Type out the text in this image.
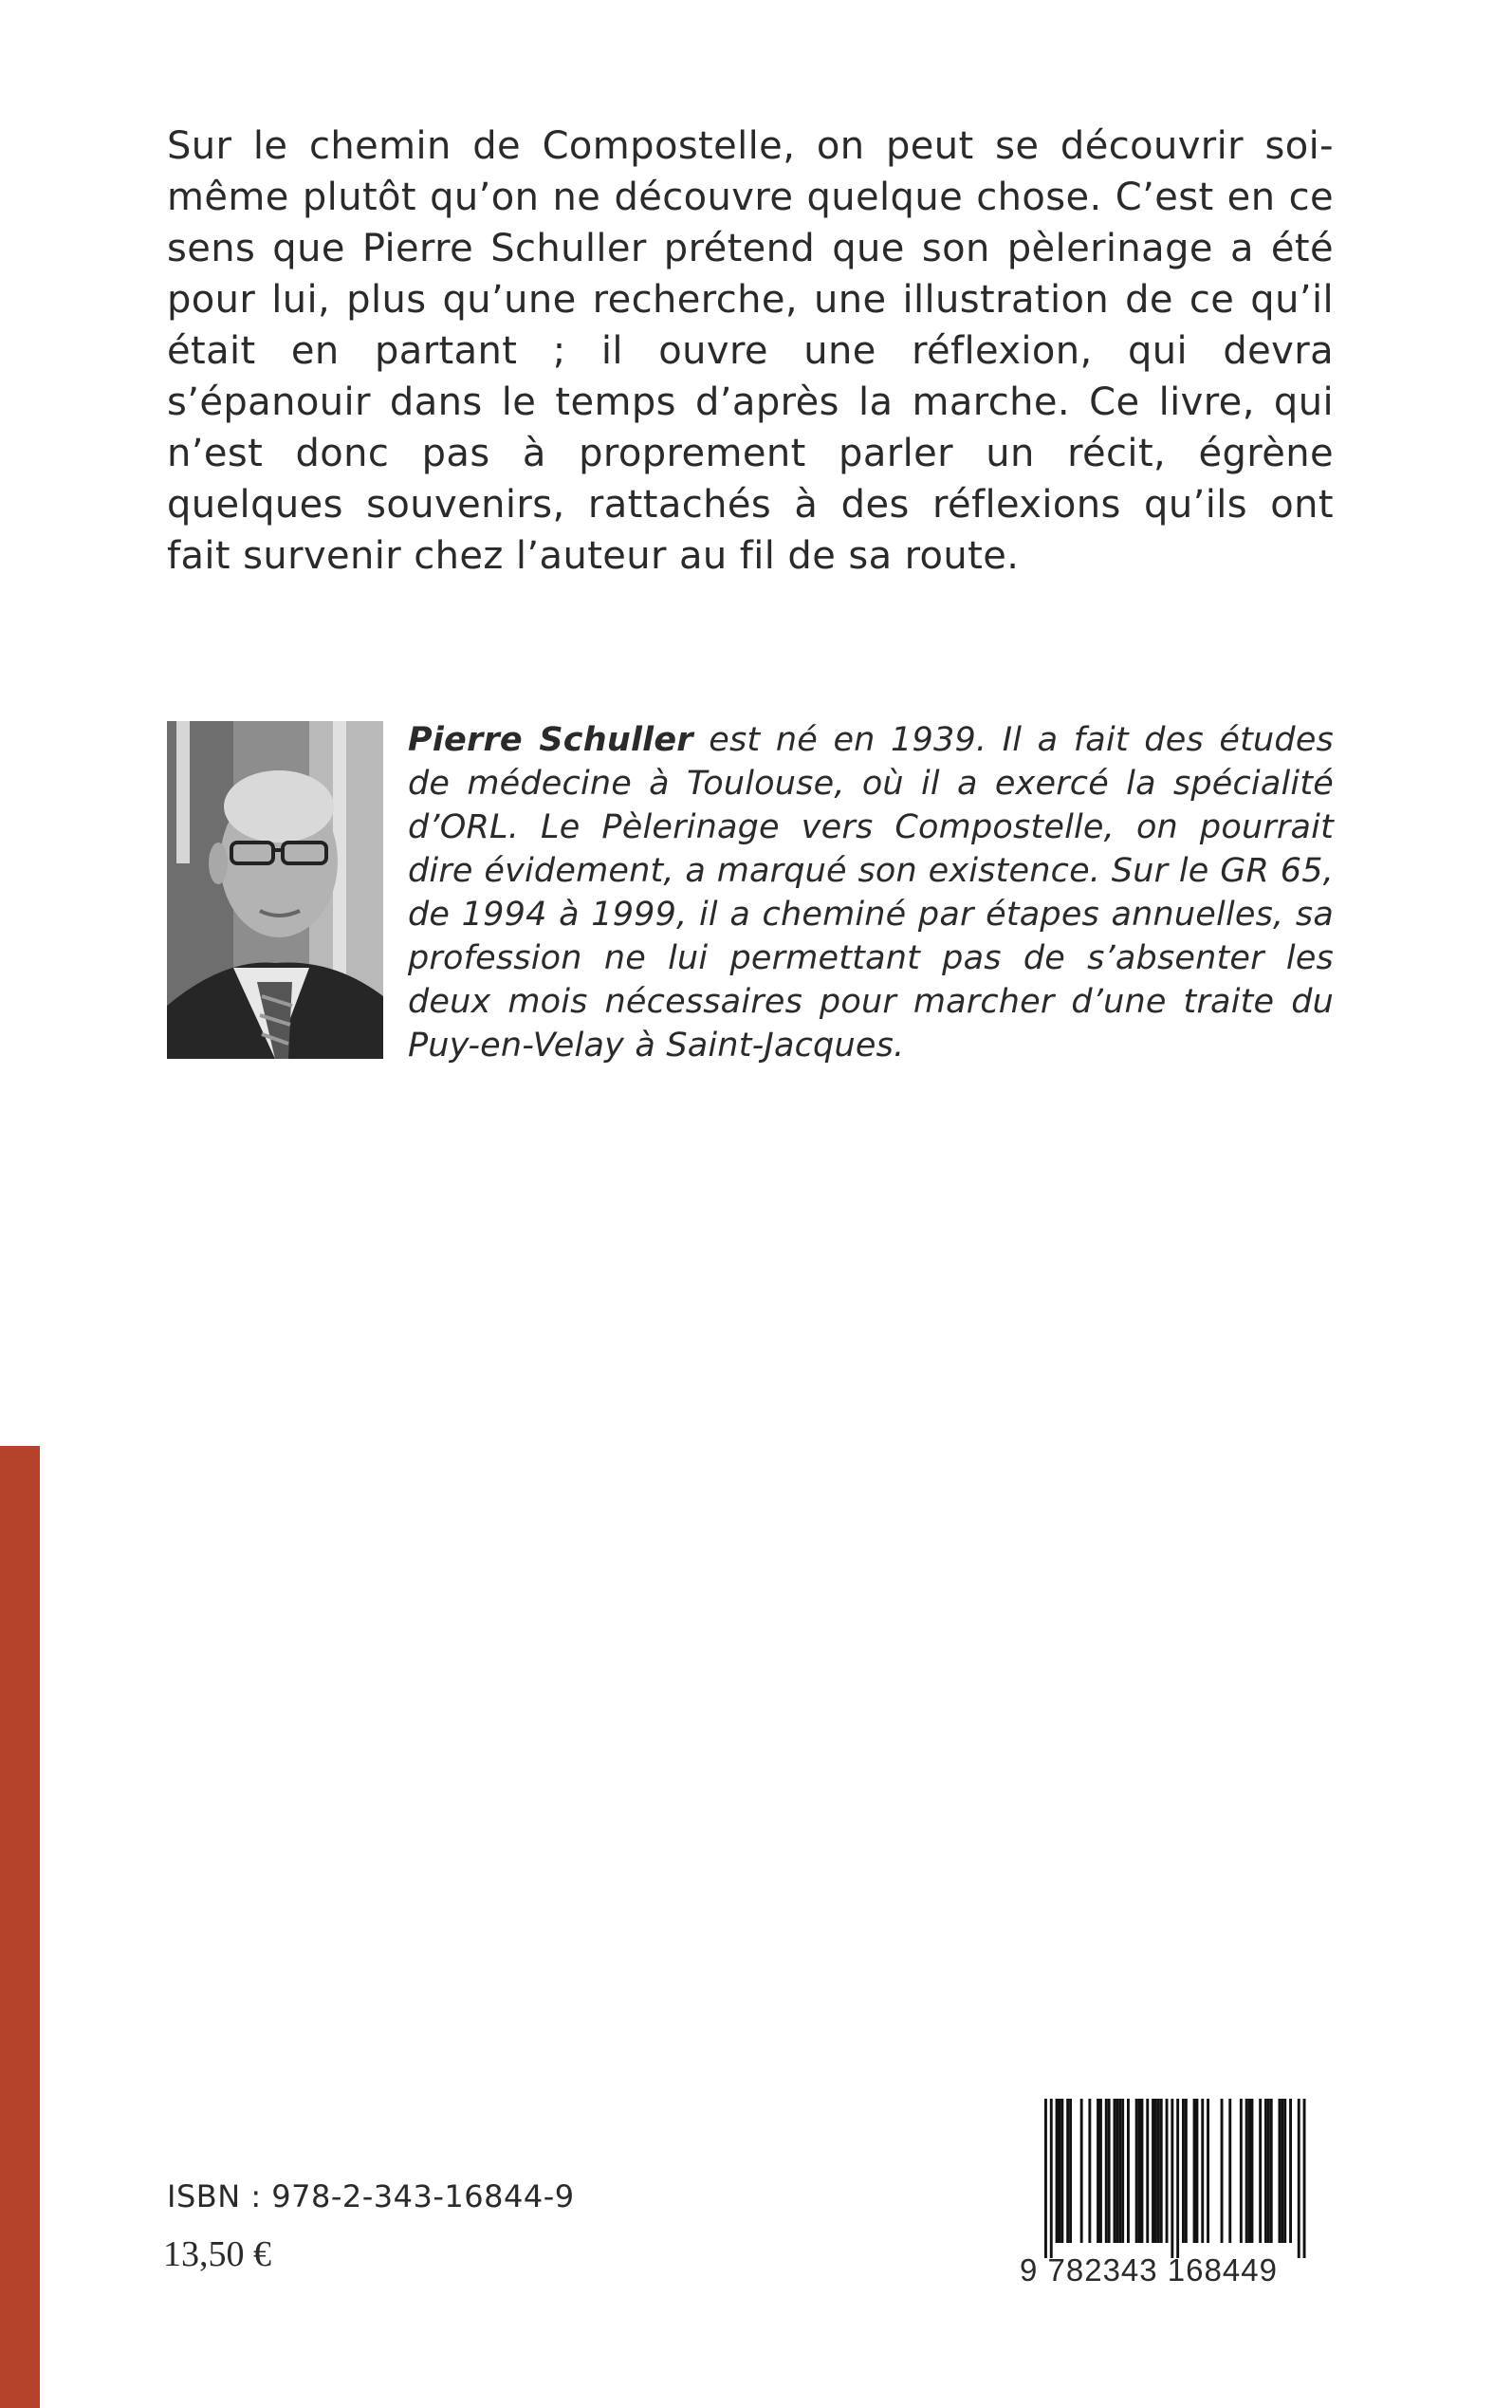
Sur le chemin de Compostelle, on peut se découvrir soi-même plutôt qu’on ne découvre quelque chose. C’est en ce sens que Pierre Schuller prétend que son pèlerinage a été pour lui, plus qu’une recherche, une illustration de ce qu’il était en partant ; il ouvre une réflexion, qui devra s’épanouir dans le temps d’après la marche. Ce livre, qui n’est donc pas à proprement parler un récit, égrène quelques souvenirs, rattachés à des réflexions qu’ils ont fait survenir chez l’auteur au fil de sa route.

Pierre Schuller est né en 1939. Il a fait des études de médecine à Toulouse, où il a exercé la spécialité d’ORL. Le Pèlerinage vers Compostelle, on pourrait dire évidement, a marqué son existence. Sur le GR 65, de 1994 à 1999, il a cheminé par étapes annuelles, sa profession ne lui permettant pas de s’absenter les deux mois nécessaires pour marcher d’une traite du Puy-en-Velay à Saint-Jacques.

ISBN : 978-2-343-16844-9

13,50 €	9 782343 168449
